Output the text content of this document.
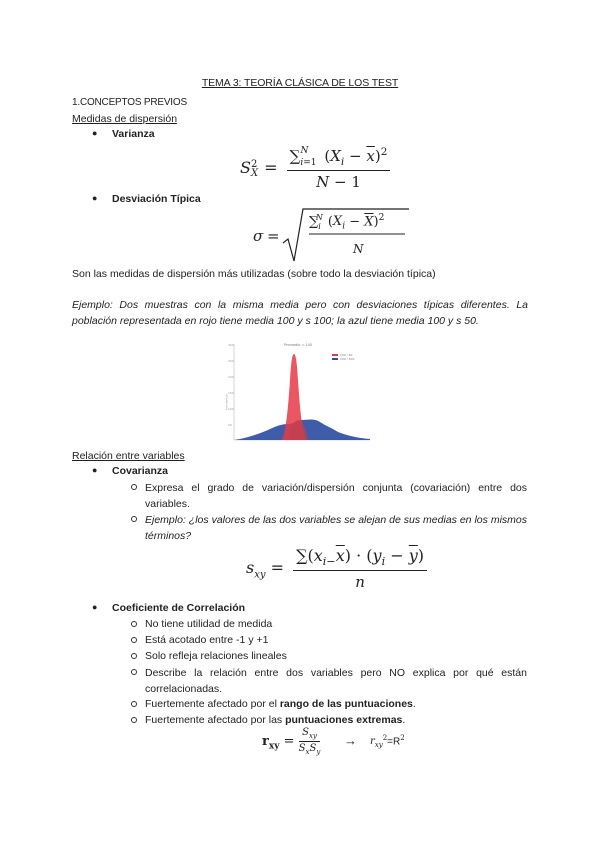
TEMA 3: TEORÍA CLÁSICA DE LOS TEST
1.CONCEPTOS PREVIOS
Medidas de dispersión
● Varianza
S2
$X = \frac{\sum_{i=1}^N (X_i - \overline{x})^2}{N - 1}$
● Desviación Típica
σ =
$\sum_i^N$ $(X_i - \overline{X})^2$
N
Son las medidas de dispersión más utilizadas (sobre todo la desviación típica)
Ejemplo: Dos muestras con la misma media pero con desviaciones típicas diferentes. La población representada en rojo tiene media 100 y s 100; la azul tiene media 100 y s 50.
300
250
200
150
100
50
frecuencia
Promedio = 100
100 / 50
100 / 100
Relación entre variables
● Covarianza
Expresa el grado de variación/dispersión conjunta (covariación) entre dos variables.
Ejemplo: ¿los valores de las dos variables se alejan de sus medias en los mismos términos?
$s_{xy} = \frac{\sum(x_{i-}\overline{x}) \cdot (y_i - \overline{y})}{n}$
● Coeficiente de Correlación
No tiene utilidad de medida
Está acotado entre -1 y +1
Solo refleja relaciones lineales
Describe la relación entre dos variables pero NO explica por qué están correlacionadas.
Fuertemente afectado por el rango de las puntuaciones.
Fuertemente afectado por las puntuaciones extremas.
$r_{xy} = \frac{S_{xy}}{S_xS_y} \to r_{xy}^2=R^2$
